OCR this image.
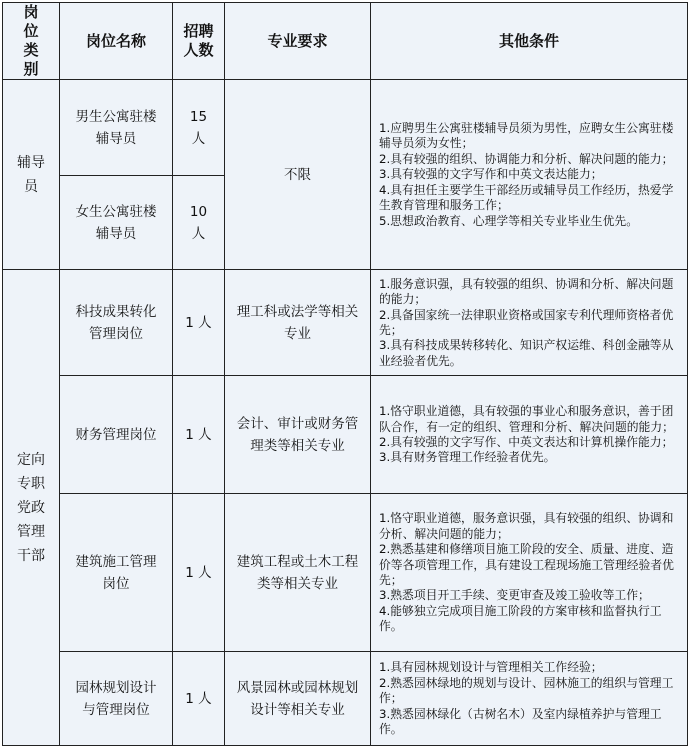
岗位类别	岗位名称	招聘人数	专业要求	其他条件
辅导员	男生公寓驻楼辅导员	15 人	不限	1.应聘男生公寓驻楼辅导员须为男性，应聘女生公寓驻楼辅导员须为女性；
2.具有较强的组织、协调能力和分析、解决问题的能力；
3.具有较强的文字写作和中英文表达能力；
4.具有担任主要学生干部经历或辅导员工作经历，热爱学生教育管理和服务工作；
5.思想政治教育、心理学等相关专业毕业生优先。

	女生公寓驻楼辅导员	10 人		
定向专职党政管理干部	科技成果转化管理岗位	1 人	理工科或法学等相关专业	1.服务意识强，具有较强的组织、协调和分析、解决问题的能力；
2.具备国家统一法律职业资格或国家专利代理师资格者优先；
3.具有科技成果转移转化、知识产权运维、科创金融等从业经验者优先。

	财务管理岗位	1 人	会计、审计或财务管理类等相关专业	1.恪守职业道德，具有较强的事业心和服务意识，善于团队合作，有一定的组织、管理和分析、解决问题的能力；
2.具有较强的文字写作、中英文表达和计算机操作能力；
3.具有财务管理工作经验者优先。

	建筑施工管理岗位	1 人	建筑工程或土木工程类等相关专业	1.恪守职业道德，服务意识强，具有较强的组织、协调和分析、解决问题的能力；
2.熟悉基建和修缮项目施工阶段的安全、质量、进度、造价等各项管理工作，具有建设工程现场施工管理经验者优先；
3.熟悉项目开工手续、变更审查及竣工验收等工作；
4.能够独立完成项目施工阶段的方案审核和监督执行工作。

	园林规划设计与管理岗位	1 人	风景园林或园林规划设计等相关专业	1.具有园林规划设计与管理相关工作经验；
2.熟悉园林绿地的规划与设计、园林施工的组织与管理工作；
3.熟悉园林绿化（古树名木）及室内绿植养护与管理工作。
